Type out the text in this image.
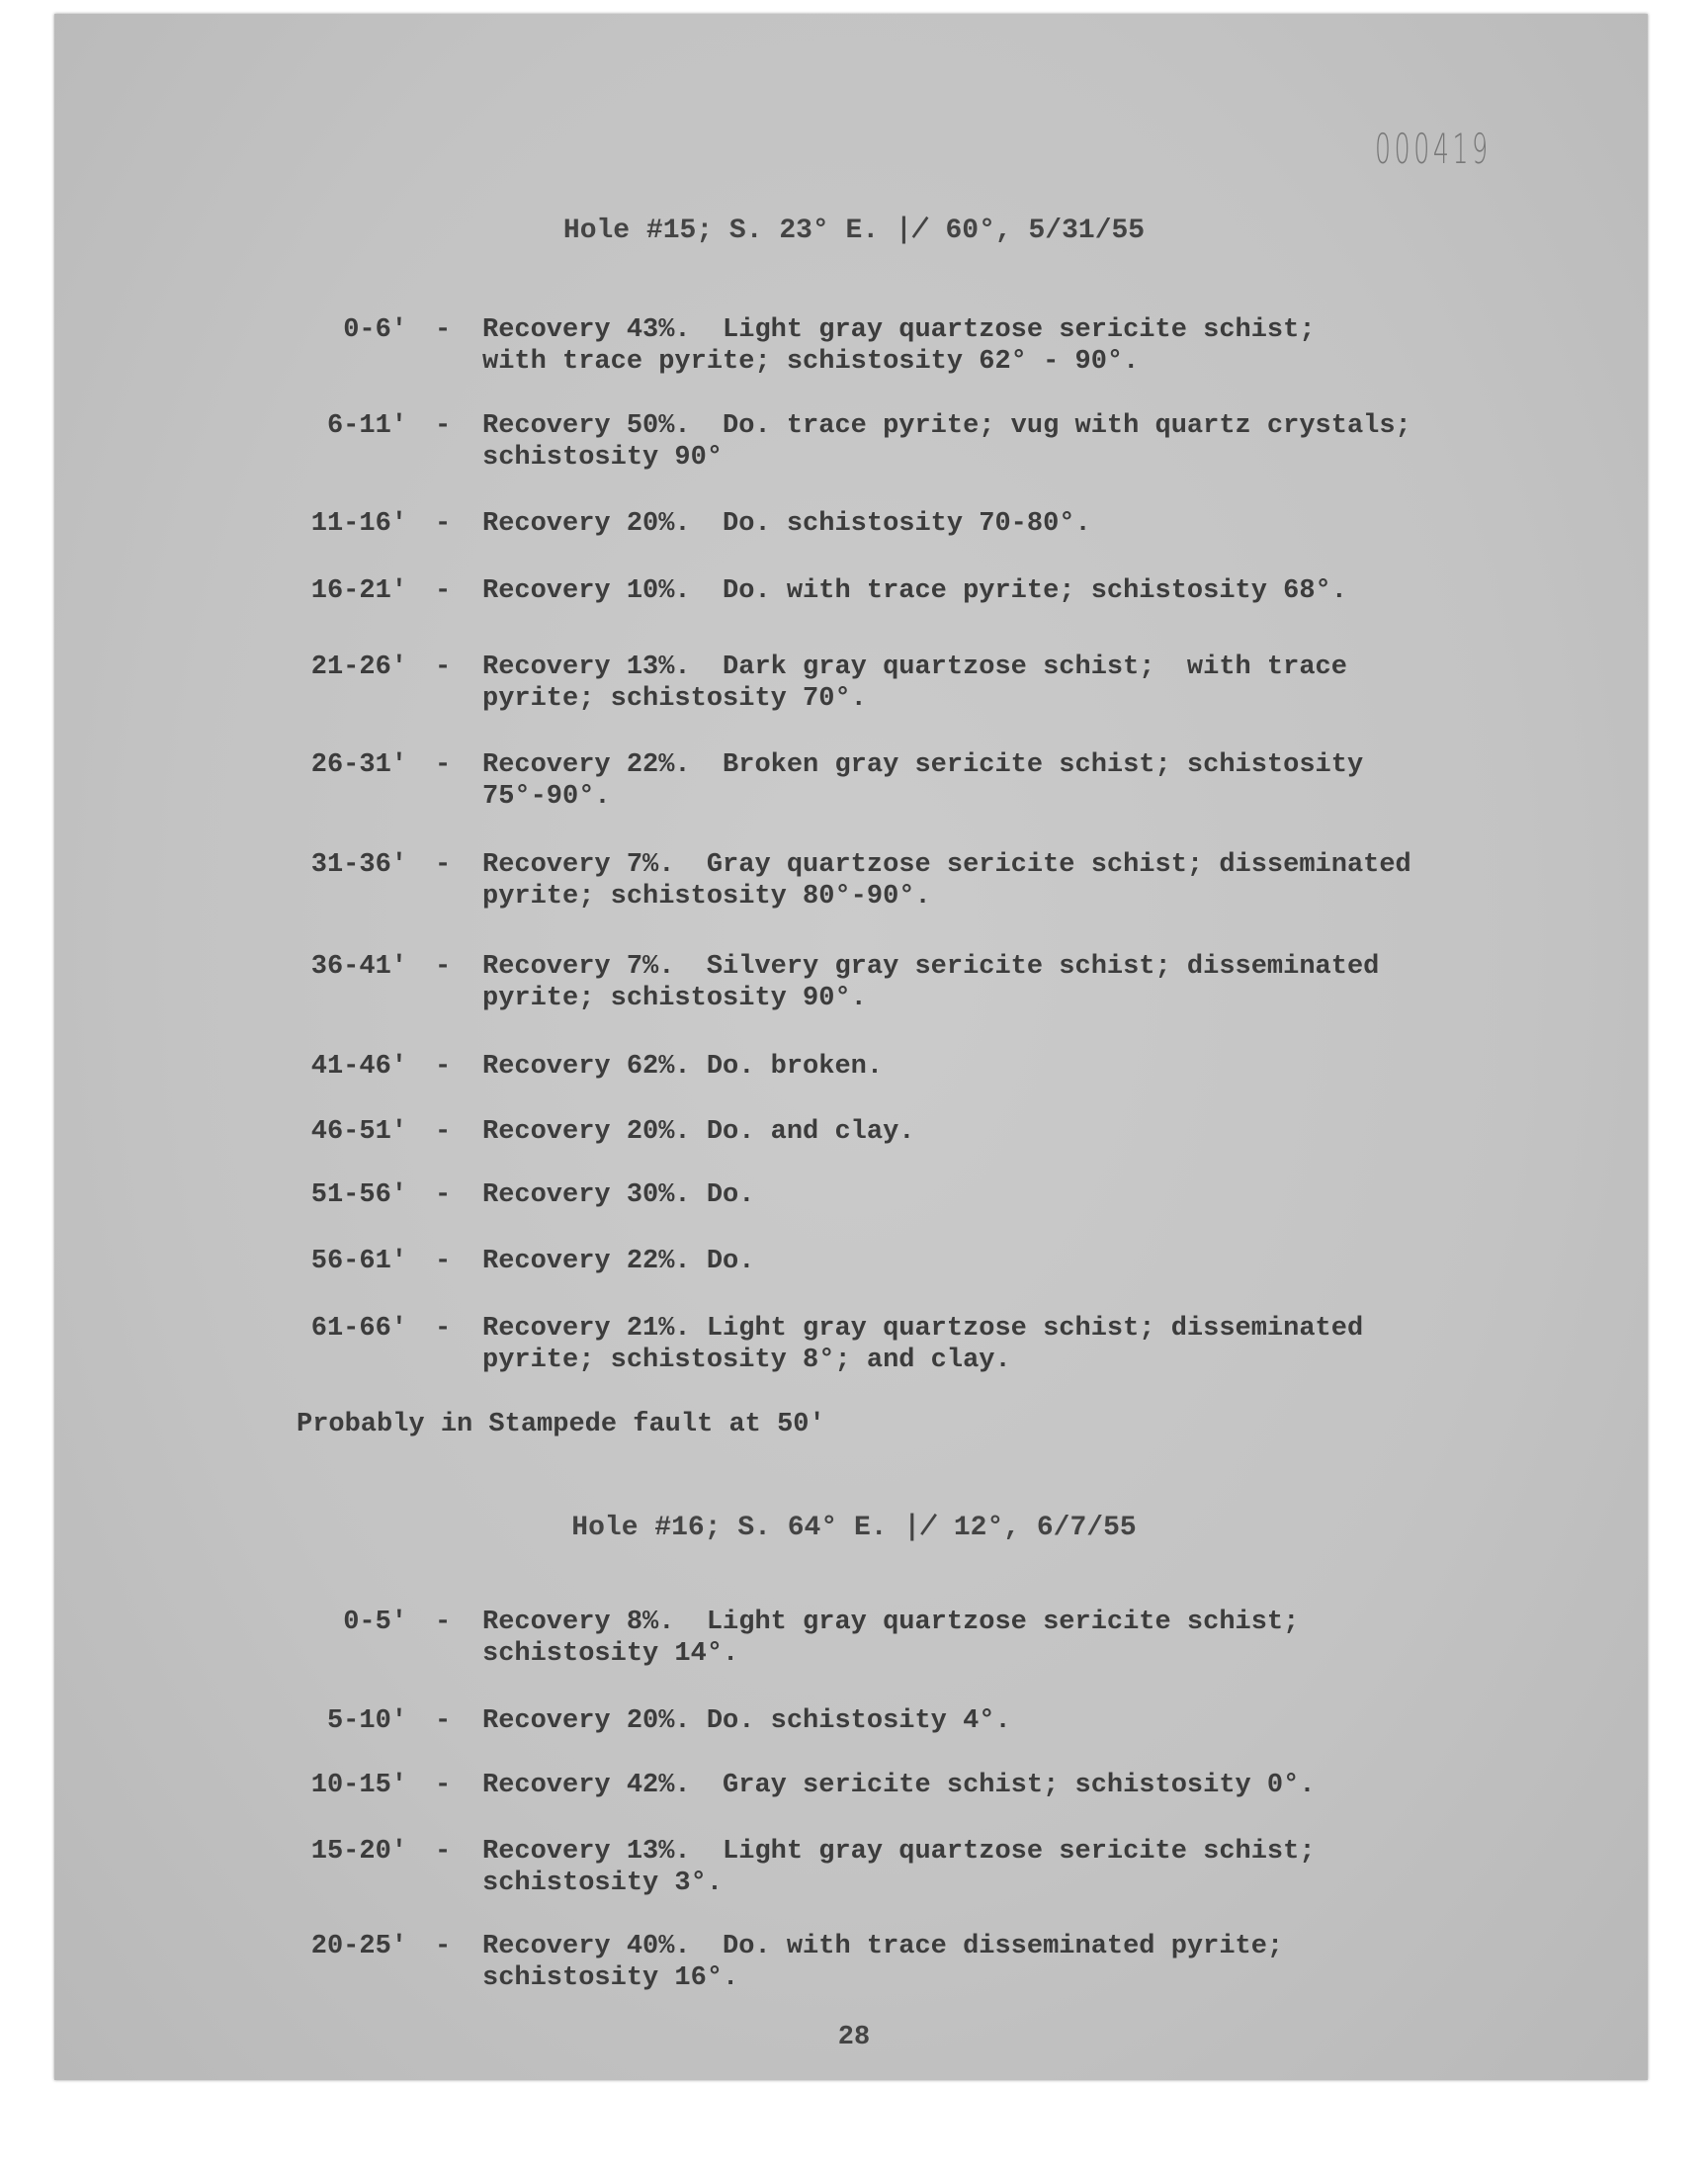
000419
Hole #15; S. 23° E. ∤ 60°, 5/31/55
0-6' - Recovery 43%.  Light gray quartzose sericite schist;
with trace pyrite; schistosity 62° - 90°.
6-11' - Recovery 50%.  Do. trace pyrite; vug with quartz crystals;
schistosity 90°
11-16' - Recovery 20%.  Do. schistosity 70-80°.
16-21' - Recovery 10%.  Do. with trace pyrite; schistosity 68°.
21-26' - Recovery 13%.  Dark gray quartzose schist;  with trace
pyrite; schistosity 70°.
26-31' - Recovery 22%.  Broken gray sericite schist; schistosity
75°-90°.
31-36' - Recovery 7%.  Gray quartzose sericite schist; disseminated
pyrite; schistosity 80°-90°.
36-41' - Recovery 7%.  Silvery gray sericite schist; disseminated
pyrite; schistosity 90°.
41-46' - Recovery 62%. Do. broken.
46-51' - Recovery 20%. Do. and clay.
51-56' - Recovery 30%. Do.
56-61' - Recovery 22%. Do.
61-66' - Recovery 21%. Light gray quartzose schist; disseminated
pyrite; schistosity 8°; and clay.
Probably in Stampede fault at 50'
Hole #16; S. 64° E. ∤ 12°, 6/7/55
0-5' - Recovery 8%.  Light gray quartzose sericite schist;
schistosity 14°.
5-10' - Recovery 20%. Do. schistosity 4°.
10-15' - Recovery 42%.  Gray sericite schist; schistosity 0°.
15-20' - Recovery 13%.  Light gray quartzose sericite schist;
schistosity 3°.
20-25' - Recovery 40%.  Do. with trace disseminated pyrite;
schistosity 16°.
28
